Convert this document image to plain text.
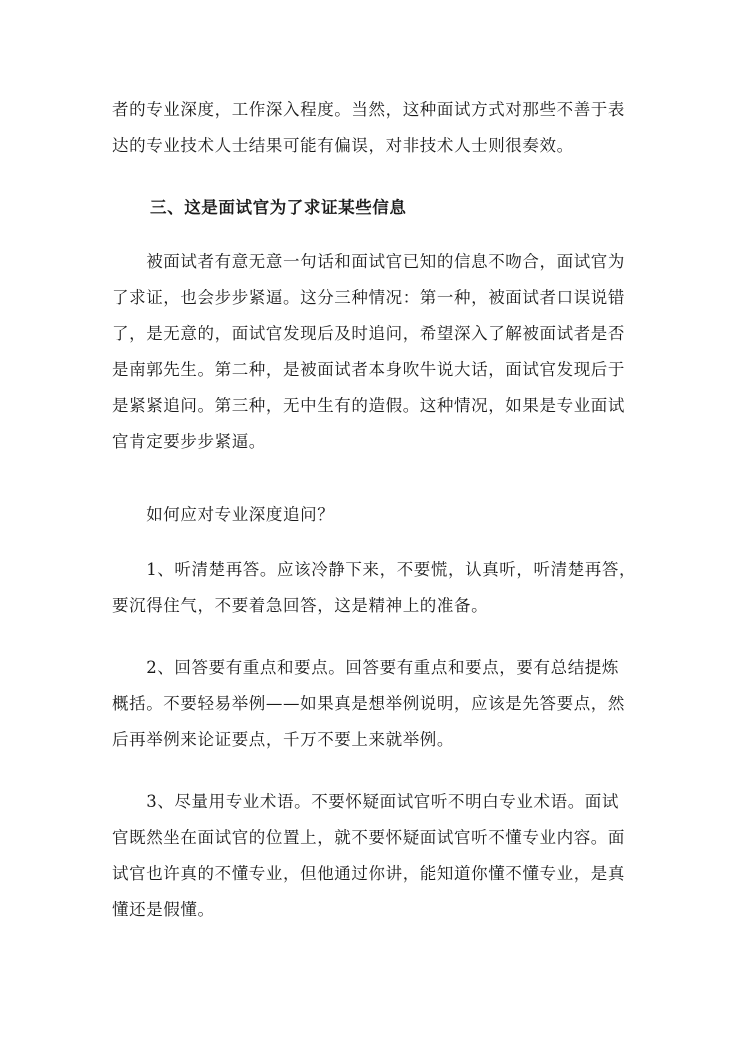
者的专业深度，工作深入程度。当然，这种面试方式对那些不善于表
达的专业技术人士结果可能有偏误，对非技术人士则很奏效。

三、这是面试官为了求证某些信息

　　被面试者有意无意一句话和面试官已知的信息不吻合，面试官为
了求证，也会步步紧逼。这分三种情况：第一种，被面试者口误说错
了，是无意的，面试官发现后及时追问，希望深入了解被面试者是否
是南郭先生。第二种，是被面试者本身吹牛说大话，面试官发现后于
是紧紧追问。第三种，无中生有的造假。这种情况，如果是专业面试
官肯定要步步紧逼。

　　如何应对专业深度追问？

　　1、听清楚再答。应该冷静下来，不要慌，认真听，听清楚再答，
要沉得住气，不要着急回答，这是精神上的准备。

　　2、回答要有重点和要点。回答要有重点和要点，要有总结提炼
概括。不要轻易举例——如果真是想举例说明，应该是先答要点，然
后再举例来论证要点，千万不要上来就举例。

　　3、尽量用专业术语。不要怀疑面试官听不明白专业术语。面试
官既然坐在面试官的位置上，就不要怀疑面试官听不懂专业内容。面
试官也许真的不懂专业，但他通过你讲，能知道你懂不懂专业，是真
懂还是假懂。
